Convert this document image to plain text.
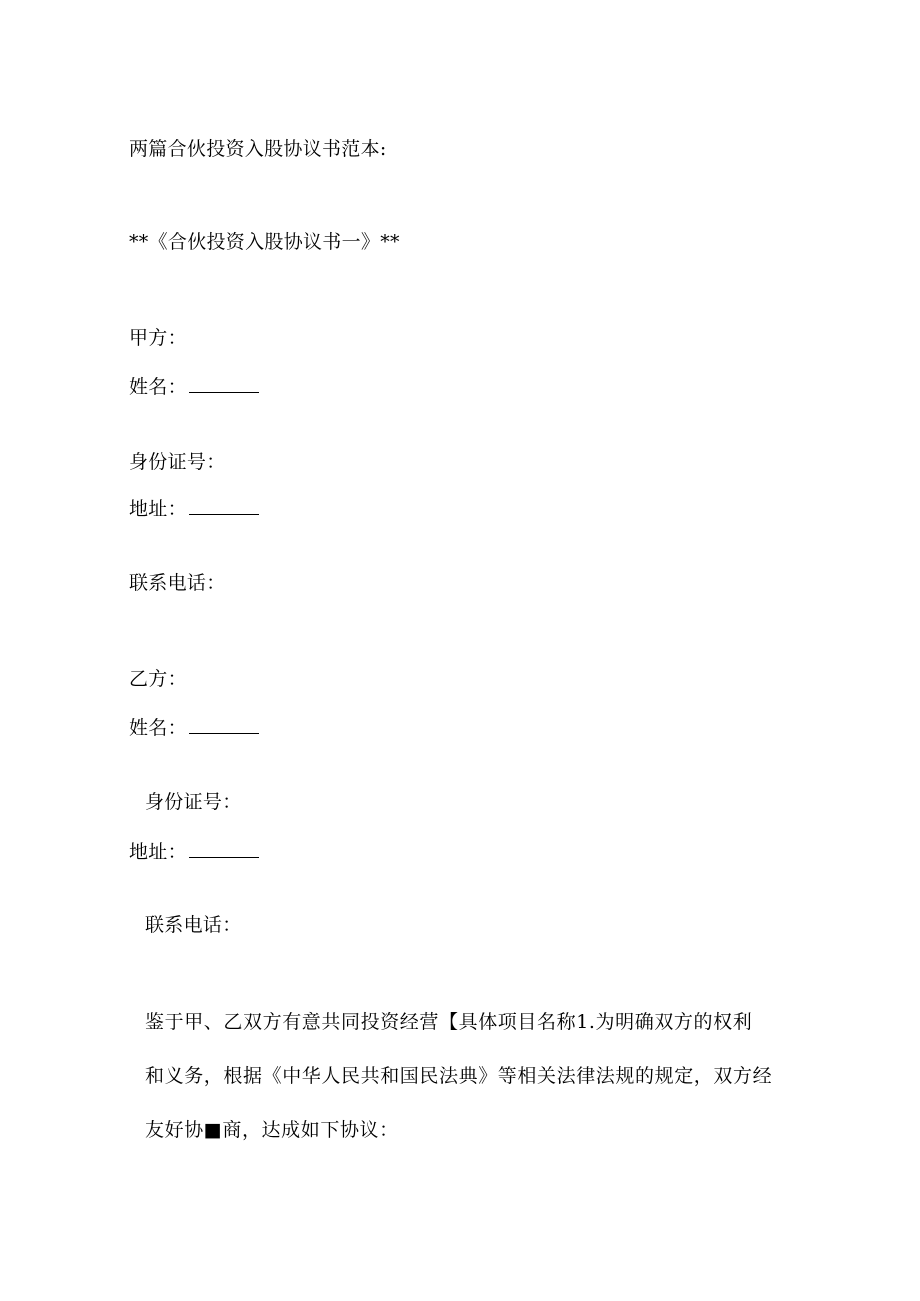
两篇合伙投资入股协议书范本:
**《合伙投资入股协议书一》**
甲方：
姓名：
身份证号：
地址：
联系电话：
乙方：
姓名：
身份证号：
地址：
联系电话：

鉴于甲、乙双方有意共同投资经营【具体项目名称1.为明确双方的权利

和义务，根据《中华人民共和国民法典》等相关法律法规的规定，双方经

友好协■商，达成如下协议：
